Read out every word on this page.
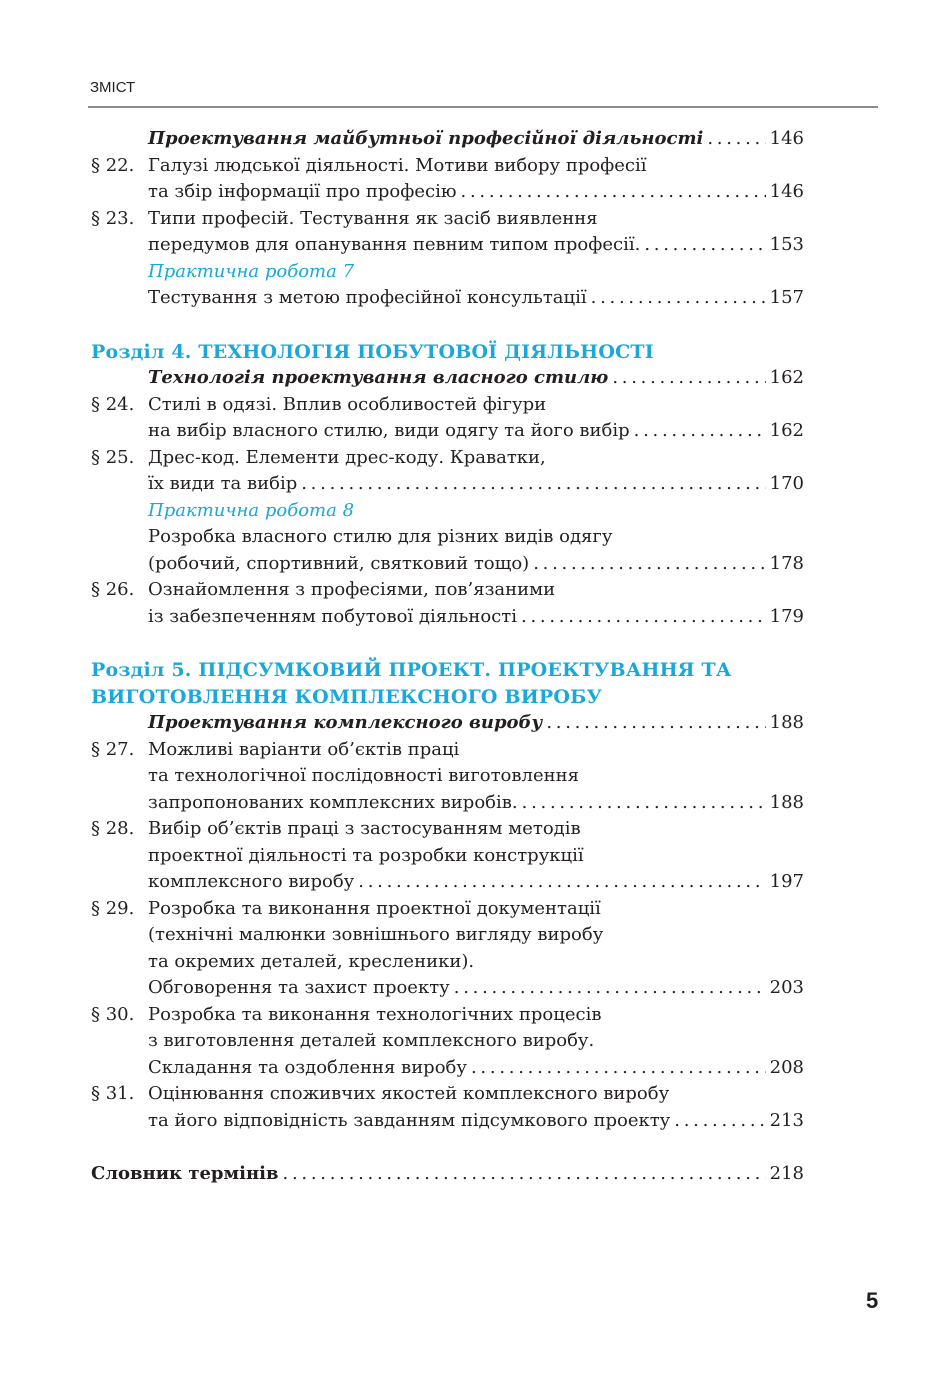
ЗМІСТ
Проектування майбутньої професійної діяльності . . .	146
§ 22. Галузі людської діяльності. Мотиви вибору професії
та збір інформації про професію . . .	146
§ 23. Типи професій. Тестування як засіб виявлення
передумов для опанування певним типом професії. . . .	153
Практична робота 7
Тестування з метою професійної консультації . . .	157
Розділ 4. ТЕХНОЛОГІЯ ПОБУТОВОЇ ДІЯЛЬНОСТІ
Технологія проектування власного стилю . . .	162
§ 24. Стилі в одязі. Вплив особливостей фігури
на вибір власного стилю, види одягу та його вибір . . .	162
§ 25. Дрес-код. Елементи дрес-коду. Краватки,
їх види та вибір . . .	170
Практична робота 8
Розробка власного стилю для різних видів одягу
(робочий, спортивний, святковий тощо) . . .	178
§ 26. Ознайомлення з професіями, пов’язаними
із забезпеченням побутової діяльності . . .	179
Розділ 5. ПІДСУМКОВИЙ ПРОЕКТ. ПРОЕКТУВАННЯ ТА
ВИГОТОВЛЕННЯ КОМПЛЕКСНОГО ВИРОБУ
Проектування комплексного виробу . . .	188
§ 27. Можливі варіанти об’єктів праці
та технологічної послідовності виготовлення
запропонованих комплексних виробів. . . .	188
§ 28. Вибір об’єктів праці з застосуванням методів
проектної діяльності та розробки конструкції
комплексного виробу . . .	197
§ 29. Розробка та виконання проектної документації
(технічні малюнки зовнішнього вигляду виробу
та окремих деталей, креслeники).
Обговорення та захист проекту . . .	203
§ 30. Розробка та виконання технологічних процесів
з виготовлення деталей комплексного виробу.
Складання та оздоблення виробу . . .	208
§ 31. Оцінювання споживчих якостей комплексного виробу
та його відповідність завданням підсумкового проекту . . .	213
Словник термінів . . .	218
5
